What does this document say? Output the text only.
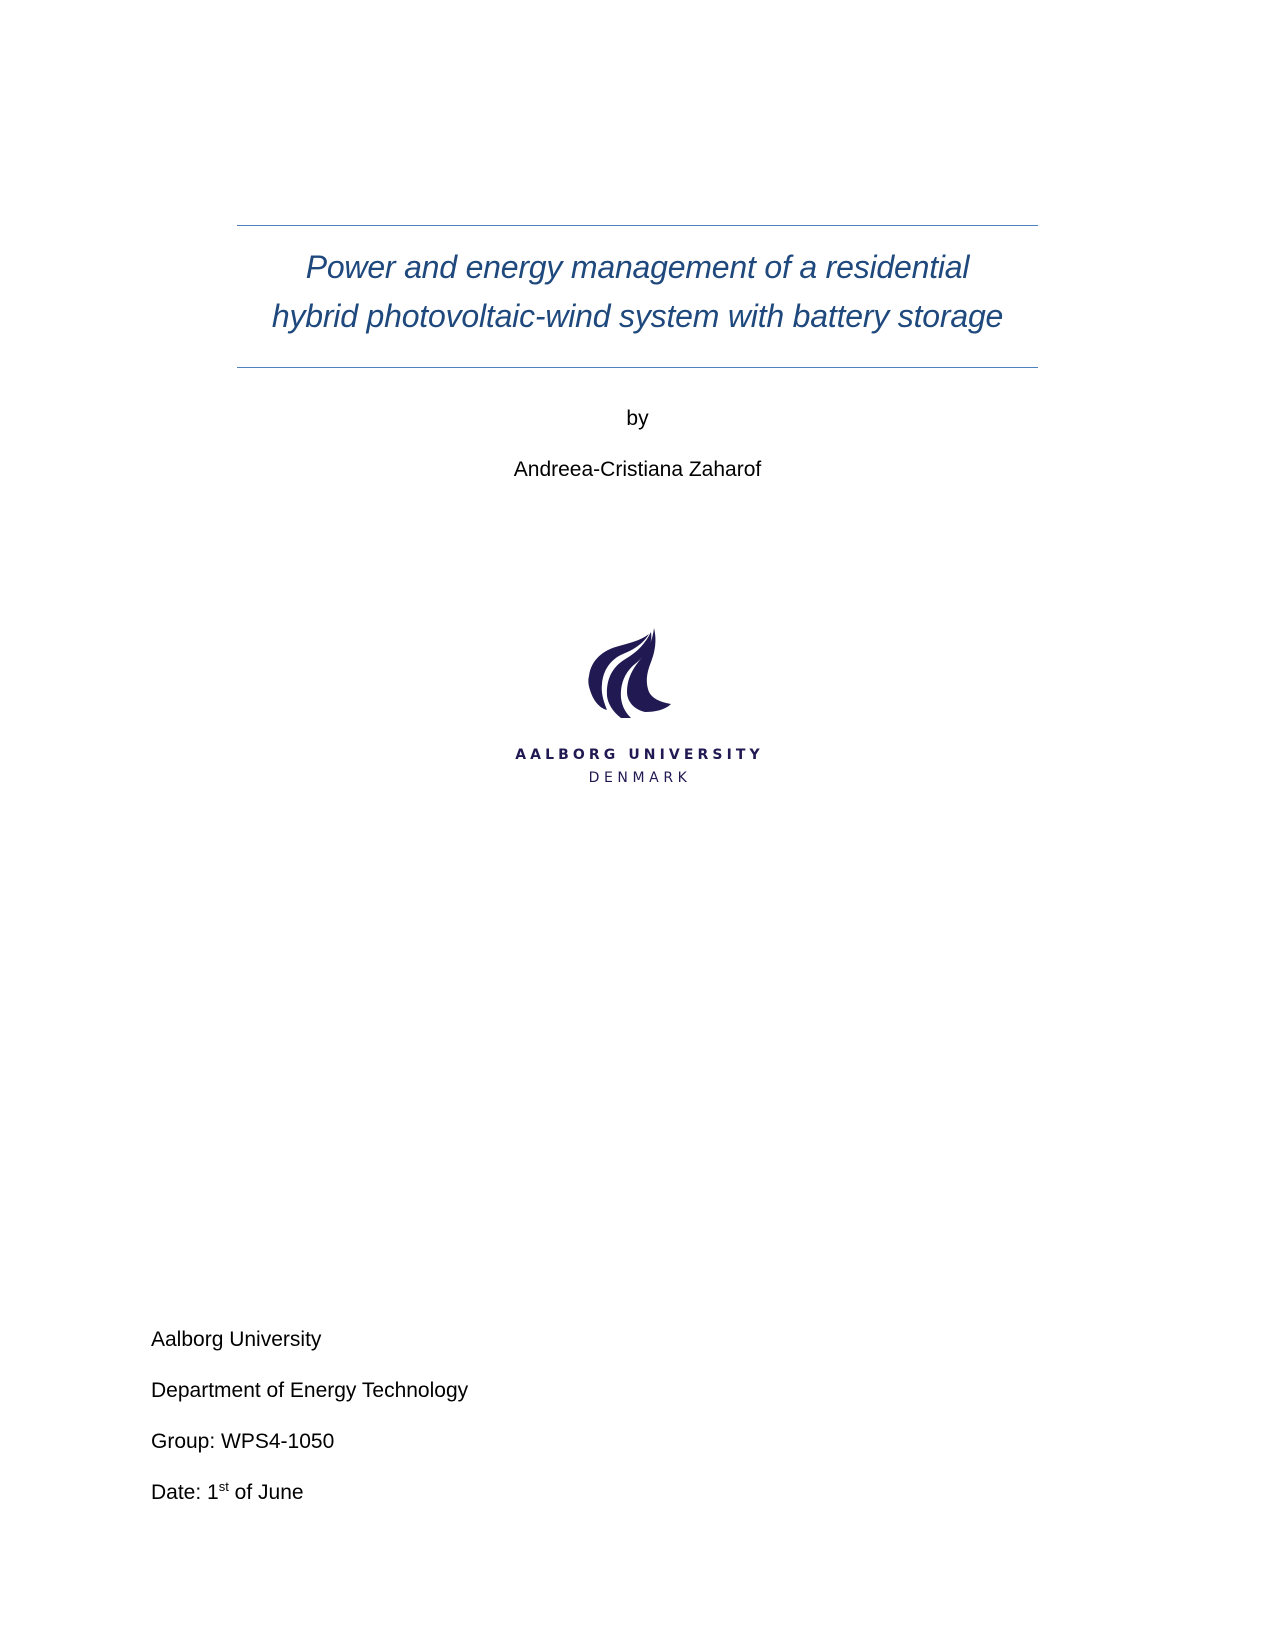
Power and energy management of a residential
hybrid photovoltaic-wind system with battery storage
by
Andreea-Cristiana Zaharof
AALBORG UNIVERSITY
DENMARK
Aalborg University
Department of Energy Technology
Group: WPS4-1050
Date: 1st of June
